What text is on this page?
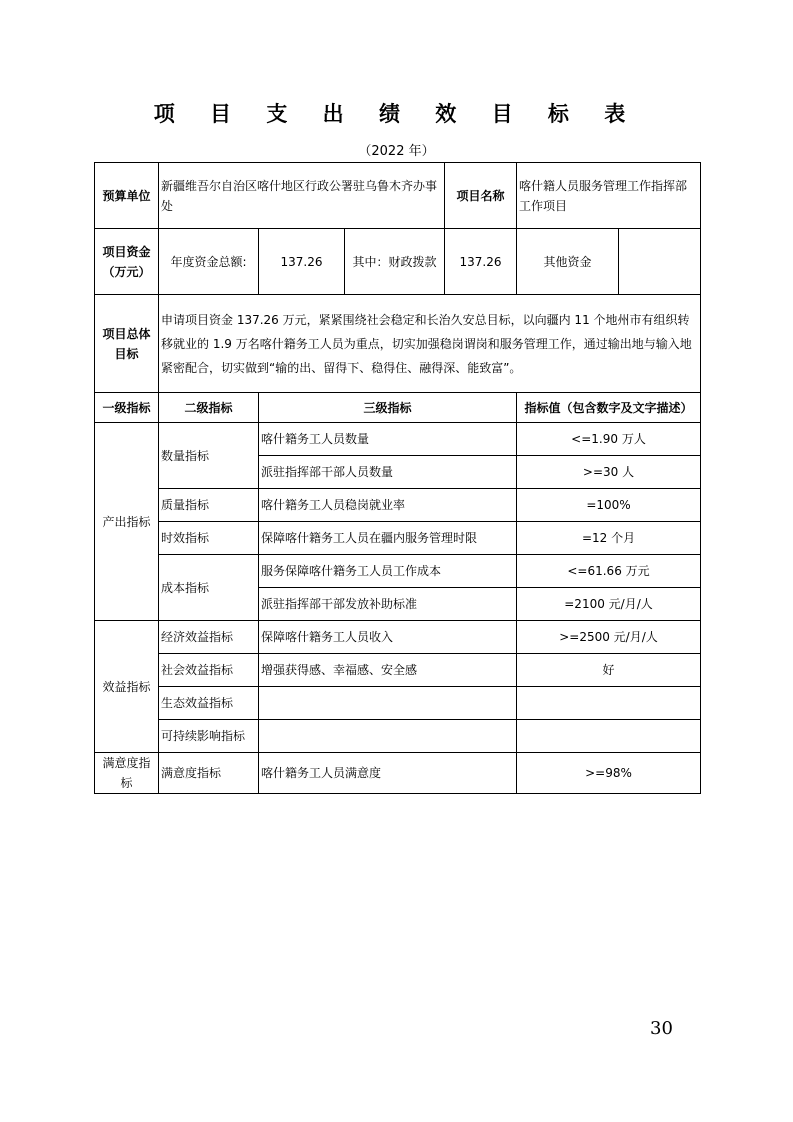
项 目 支 出 绩 效 目 标 表
（2022 年）
预算单位	新疆维吾尔自治区喀什地区行政公署驻乌鲁木齐办事处			项目名称	喀什籍人员服务管理工作指挥部工作项目	
项目资金
（万元）	年度资金总额:	137.26	其中：财政拨款	137.26	其他资金	
项目总体目标	申请项目资金 137.26 万元，紧紧围绕社会稳定和长治久安总目标，以向疆内 11 个地州市有组织转移就业的 1.9 万名喀什籍务工人员为重点，切实加强稳岗谓岗和服务管理工作，通过输出地与输入地紧密配合，切实做到“输的出、留得下、稳得住、融得深、能致富”。					
一级指标	二级指标	三级指标			指标值（包含数字及文字描述）	
产出指标	数量指标	喀什籍务工人员数量			<=1.90 万人	
		派驻指挥部干部人员数量			>=30 人	
	质量指标	喀什籍务工人员稳岗就业率			=100%	
	时效指标	保障喀什籍务工人员在疆内服务管理时限			=12 个月	
	成本指标	服务保障喀什籍务工人员工作成本			<=61.66 万元	
		派驻指挥部干部发放补助标准			=2100 元/月/人	
效益指标	经济效益指标	保障喀什籍务工人员收入			>=2500 元/月/人	
	社会效益指标	增强获得感、幸福感、安全感			好	
	生态效益指标					
	可持续影响指标					
满意度指标	满意度指标	喀什籍务工人员满意度			>=98%	
30
